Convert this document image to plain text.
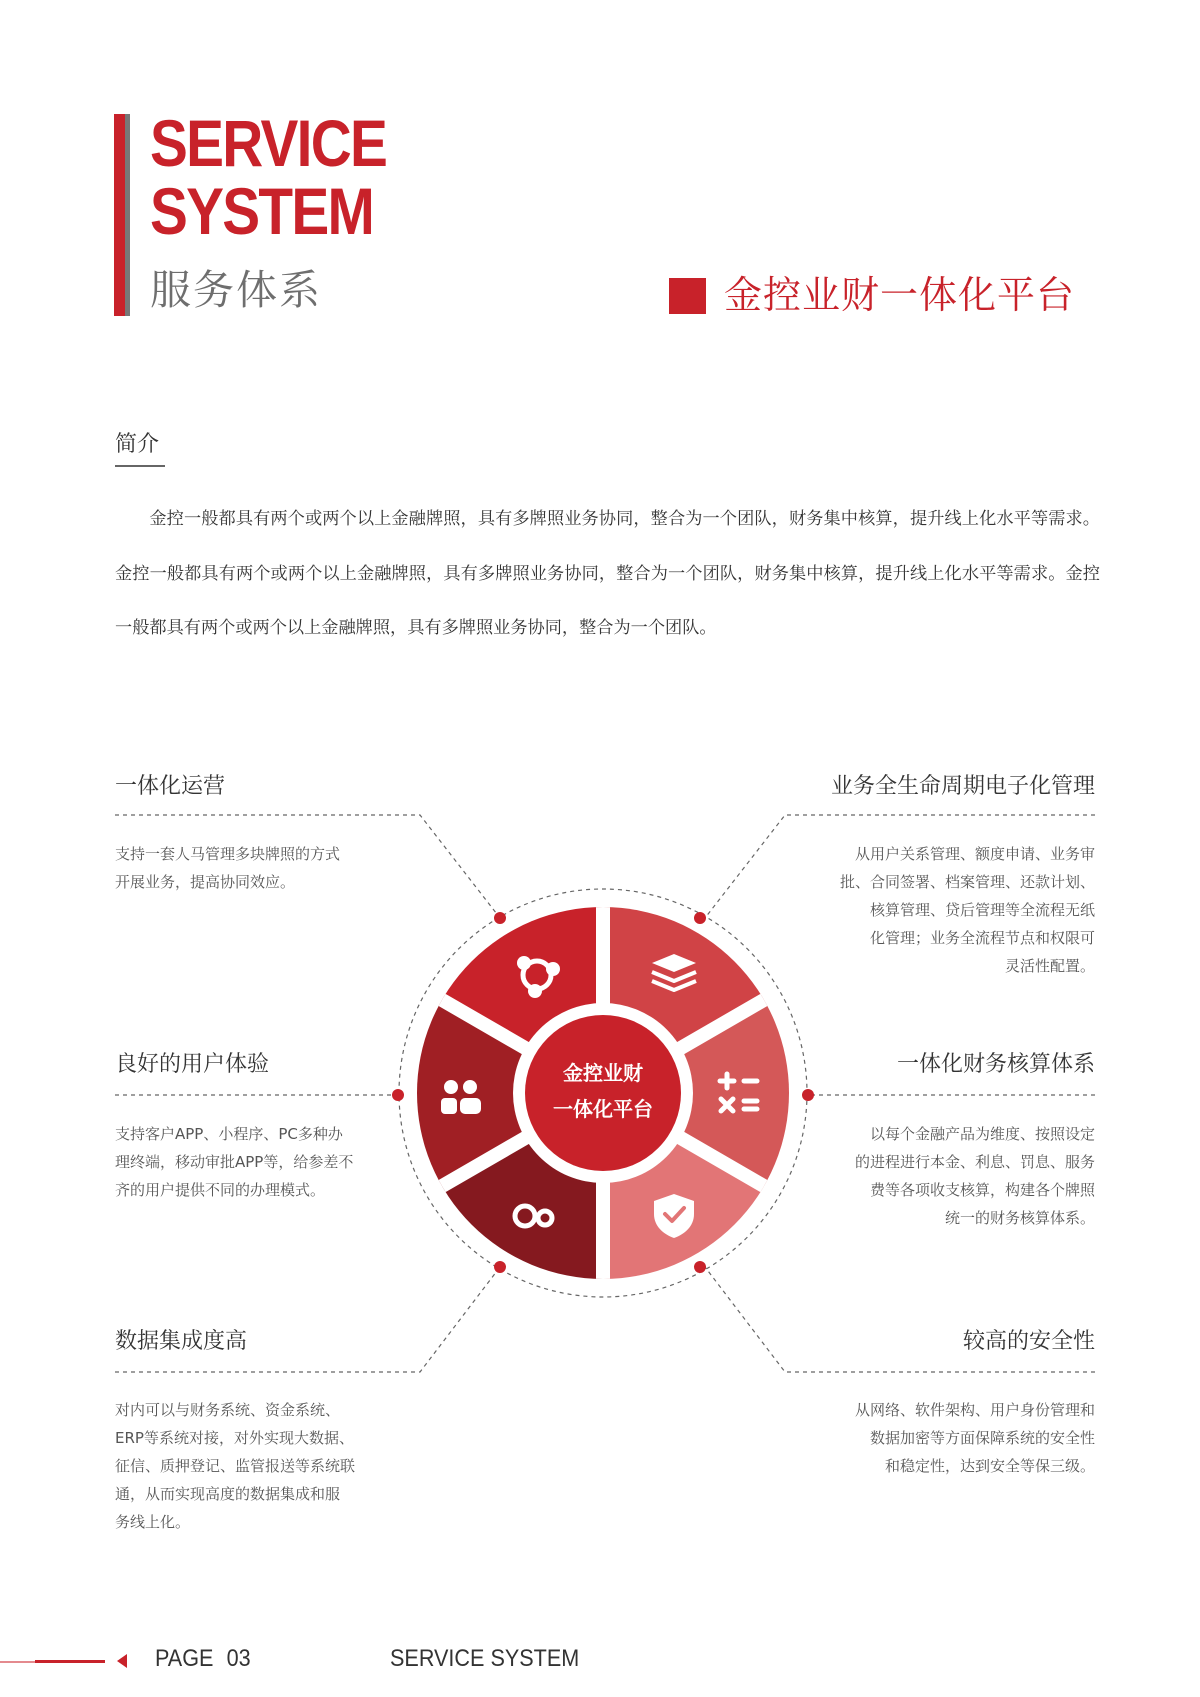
SERVICE
SYSTEM
服务体系	金控业财一体化平台
简介
金控一般都具有两个或两个以上金融牌照，具有多牌照业务协同，整合为一个团队，财务集中核算，提升线上化水平等需求。金控一般都具有两个或两个以上金融牌照，具有多牌照业务协同，整合为一个团队，财务集中核算，提升线上化水平等需求。金控一般都具有两个或两个以上金融牌照，具有多牌照业务协同，整合为一个团队。
金控业财
一体化平台
一体化运营
支持一套人马管理多块牌照的方式
开展业务，提高协同效应。
业务全生命周期电子化管理
从用户关系管理、额度申请、业务审
批、合同签署、档案管理、还款计划、
核算管理、贷后管理等全流程无纸
化管理；业务全流程节点和权限可
灵活性配置。
良好的用户体验
支持客户APP、小程序、PC多种办
理终端，移动审批APP等，给参差不
齐的用户提供不同的办理模式。
一体化财务核算体系
以每个金融产品为维度、按照设定
的进程进行本金、利息、罚息、服务
费等各项收支核算，构建各个牌照
统一的财务核算体系。
数据集成度高
对内可以与财务系统、资金系统、
ERP等系统对接，对外实现大数据、
征信、质押登记、监管报送等系统联
通，从而实现高度的数据集成和服
务线上化。
较高的安全性
从网络、软件架构、用户身份管理和
数据加密等方面保障系统的安全性
和稳定性，达到安全等保三级。
PAGE 03	SERVICE SYSTEM
